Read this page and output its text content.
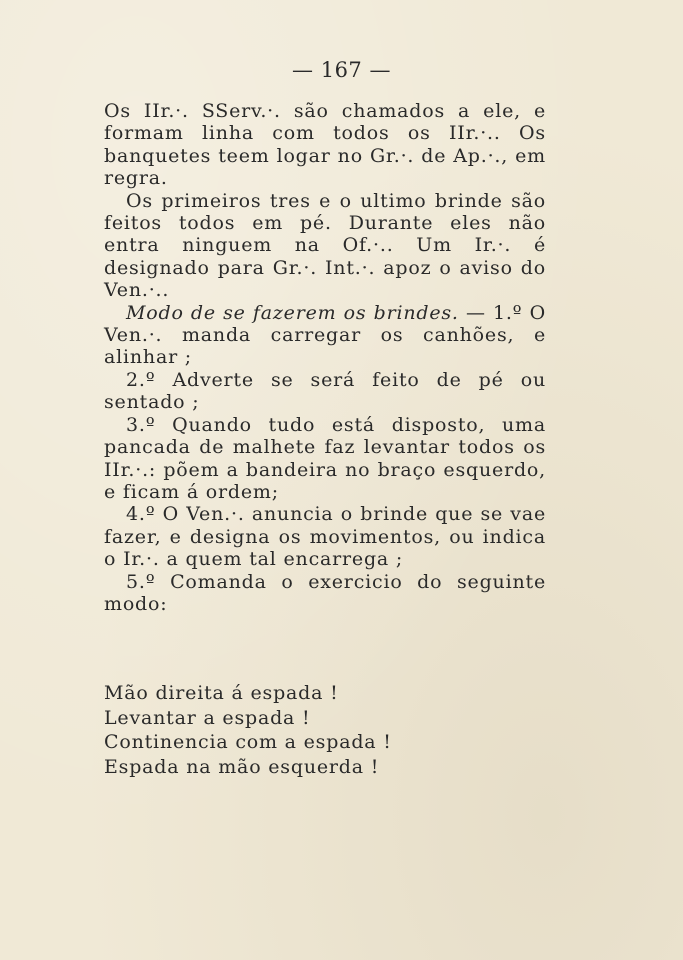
— 167 —

Os IIr.·. SServ.·. são chamados a ele, e formam linha com todos os IIr.·.. Os banquetes teem logar no Gr.·. de Ap.·., em regra.

Os primeiros tres e o ultimo brinde são feitos todos em pé. Durante eles não entra ninguem na Of.·.. Um Ir.·. é designado para Gr.·. Int.·. apoz o aviso do Ven.·..

Modo de se fazerem os brindes. — 1.º O Ven.·. manda carregar os canhões, e alinhar ;

2.º Adverte se será feito de pé ou sentado ;

3.º Quando tudo está disposto, uma pancada de malhete faz levantar todos os IIr.·.: põem a bandeira no braço esquerdo, e ficam á ordem;

4.º O Ven.·. anuncia o brinde que se vae fazer, e designa os movimentos, ou indica o Ir.·. a quem tal encarrega ;

5.º Comanda o exercicio do seguinte modo:

Mão direita á espada !
Levantar a espada !
Continencia com a espada !
Espada na mão esquerda !
